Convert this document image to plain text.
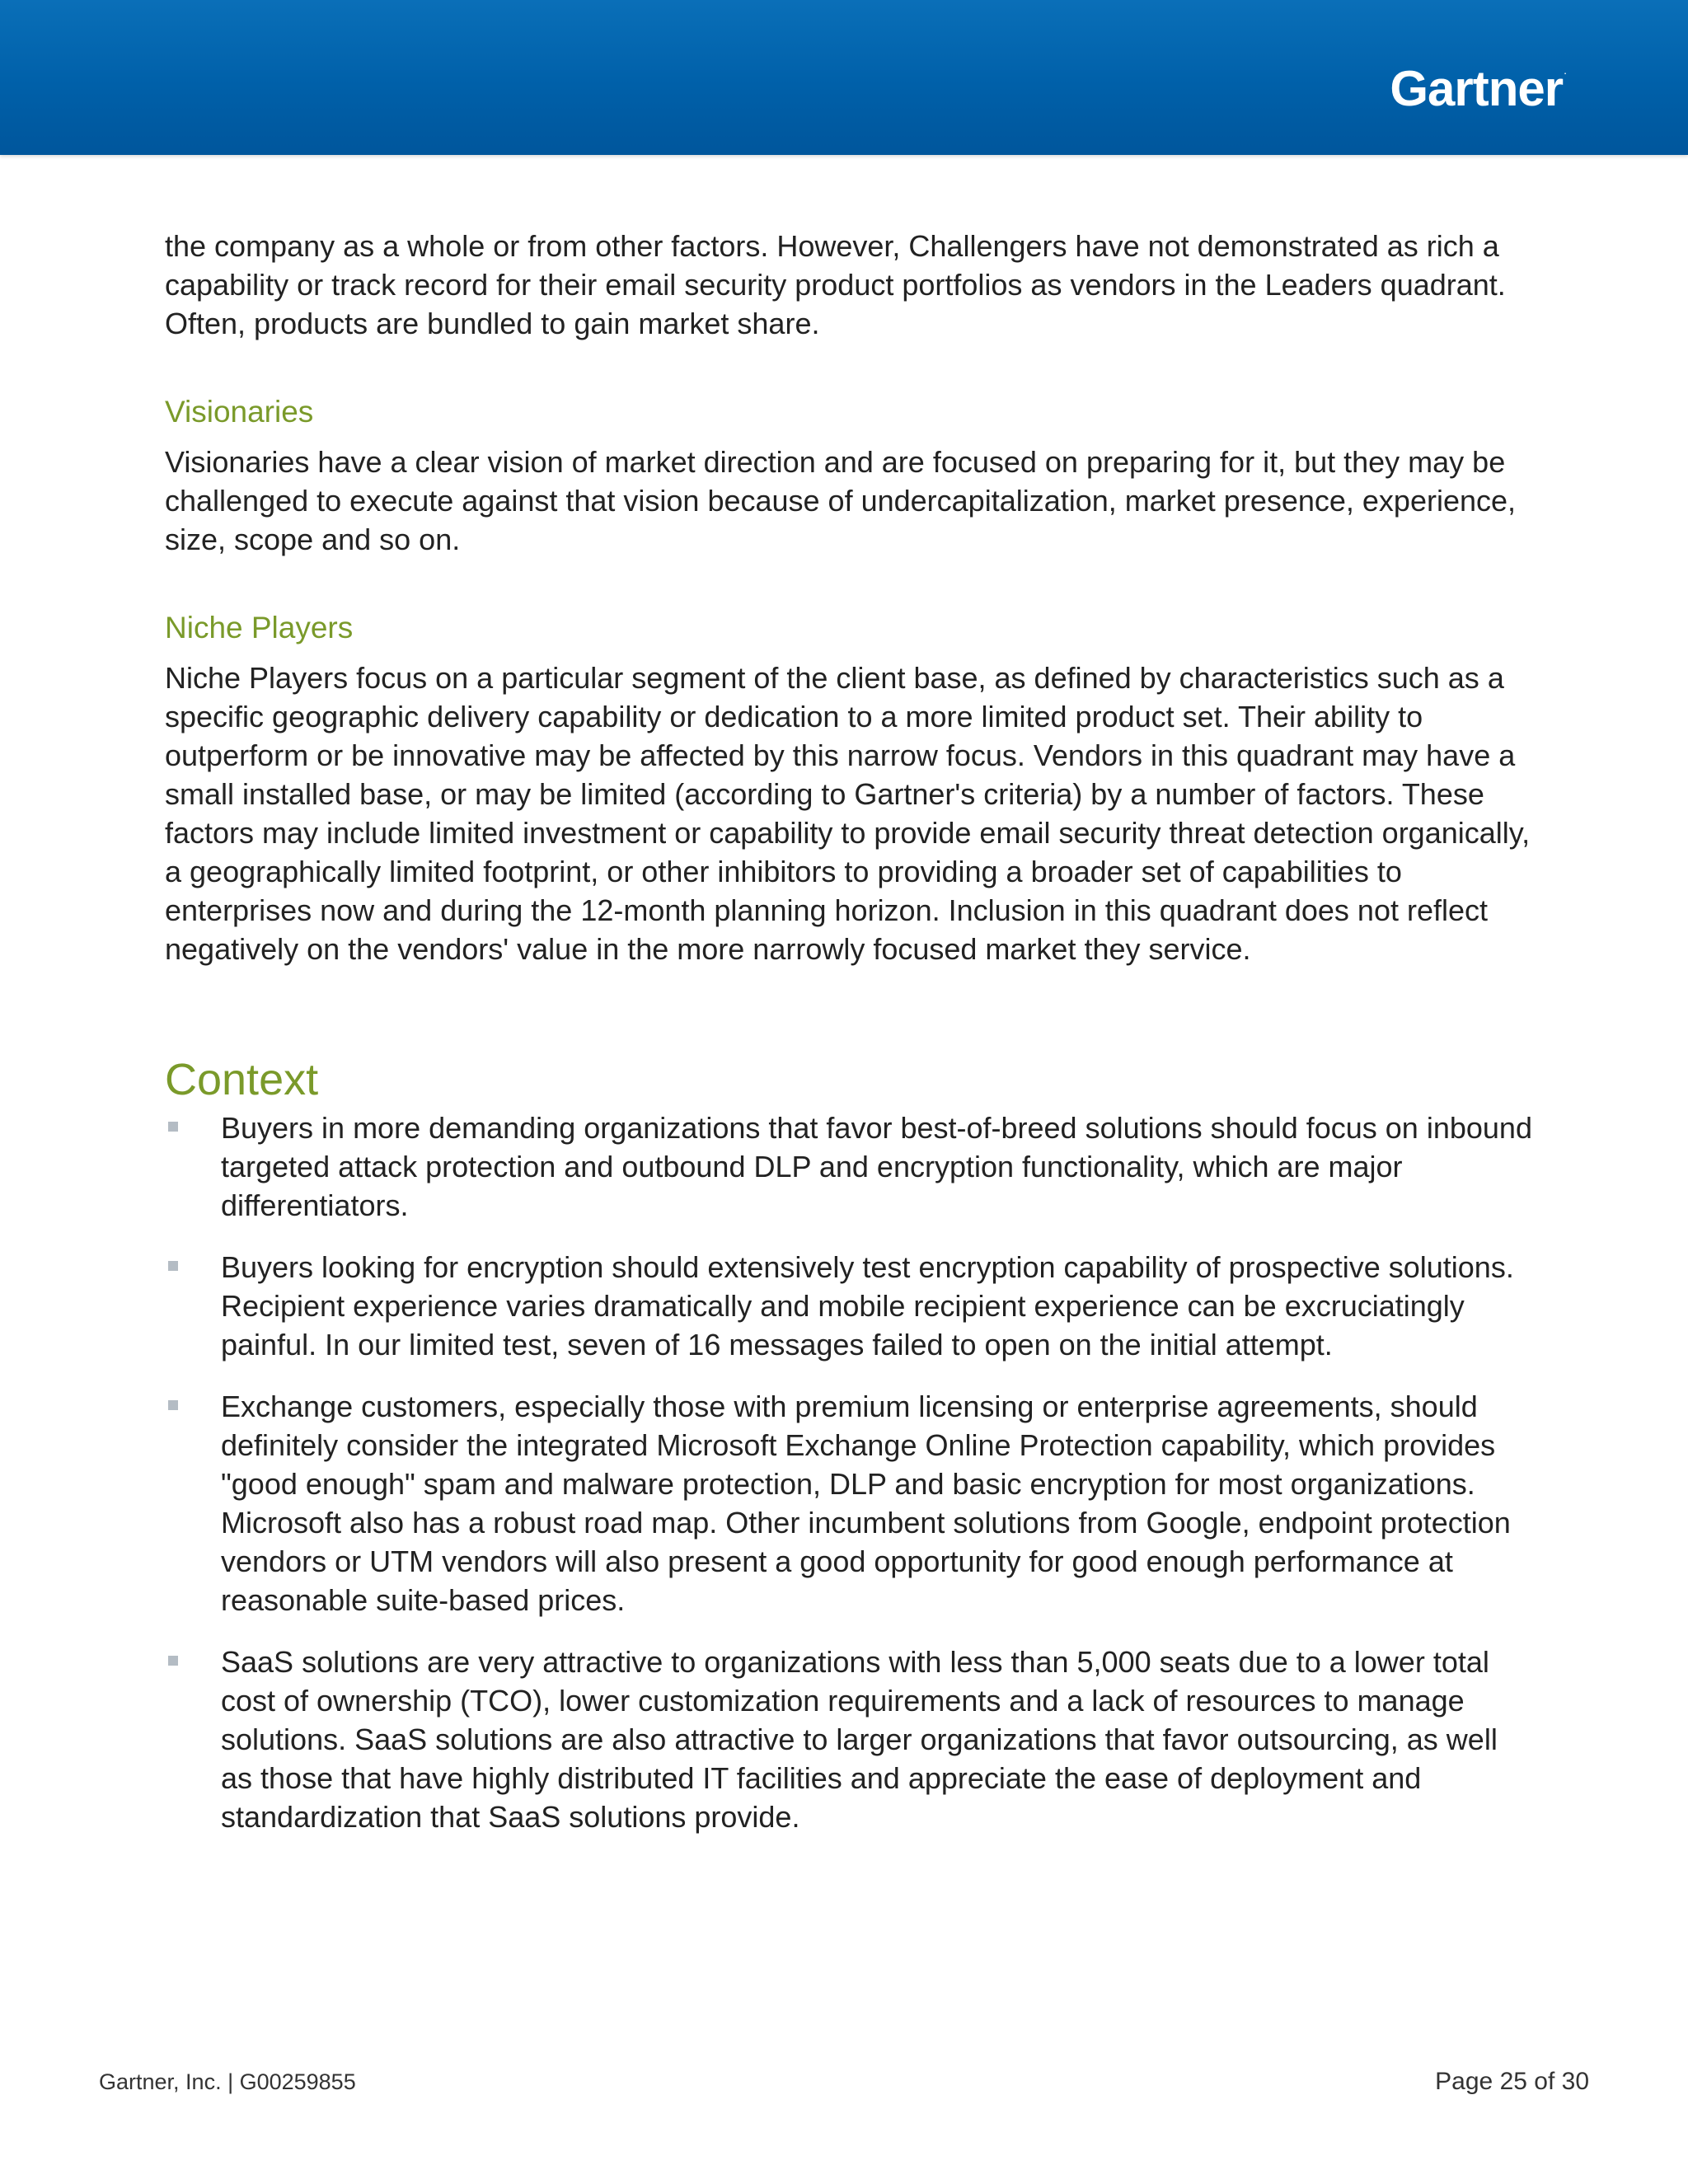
Gartner.

the company as a whole or from other factors. However, Challengers have not demonstrated as rich a capability or track record for their email security product portfolios as vendors in the Leaders quadrant. Often, products are bundled to gain market share.

Visionaries

Visionaries have a clear vision of market direction and are focused on preparing for it, but they may be challenged to execute against that vision because of undercapitalization, market presence, experience, size, scope and so on.

Niche Players

Niche Players focus on a particular segment of the client base, as defined by characteristics such as a specific geographic delivery capability or dedication to a more limited product set. Their ability to outperform or be innovative may be affected by this narrow focus. Vendors in this quadrant may have a small installed base, or may be limited (according to Gartner's criteria) by a number of factors. These factors may include limited investment or capability to provide email security threat detection organically, a geographically limited footprint, or other inhibitors to providing a broader set of capabilities to enterprises now and during the 12-month planning horizon. Inclusion in this quadrant does not reflect negatively on the vendors' value in the more narrowly focused market they service.

Context

Buyers in more demanding organizations that favor best-of-breed solutions should focus on inbound targeted attack protection and outbound DLP and encryption functionality, which are major differentiators.

Buyers looking for encryption should extensively test encryption capability of prospective solutions. Recipient experience varies dramatically and mobile recipient experience can be excruciatingly painful. In our limited test, seven of 16 messages failed to open on the initial attempt.

Exchange customers, especially those with premium licensing or enterprise agreements, should definitely consider the integrated Microsoft Exchange Online Protection capability, which provides "good enough" spam and malware protection, DLP and basic encryption for most organizations. Microsoft also has a robust road map. Other incumbent solutions from Google, endpoint protection vendors or UTM vendors will also present a good opportunity for good enough performance at reasonable suite-based prices.

SaaS solutions are very attractive to organizations with less than 5,000 seats due to a lower total cost of ownership (TCO), lower customization requirements and a lack of resources to manage solutions. SaaS solutions are also attractive to larger organizations that favor outsourcing, as well as those that have highly distributed IT facilities and appreciate the ease of deployment and standardization that SaaS solutions provide.

Gartner, Inc. | G00259855	Page 25 of 30
